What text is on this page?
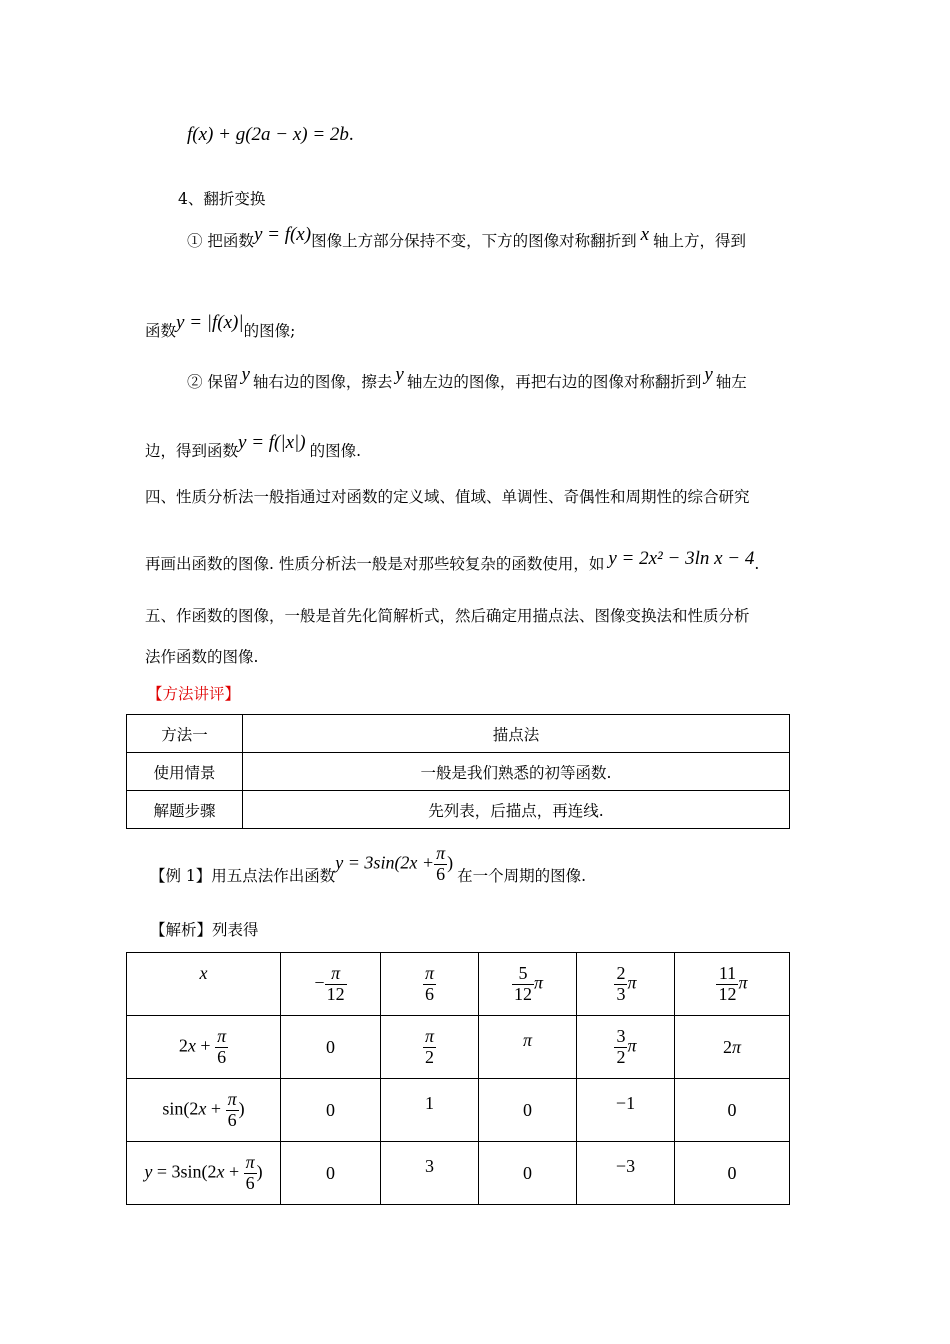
f(x) + g(2a − x) = 2b.
4、翻折变换
① 把函数y = f(x)图像上方部分保持不变，下方的图像对称翻折到 x 轴上方，得到
函数y = |f(x)|的图像;
② 保留 y 轴右边的图像，擦去 y 轴左边的图像，再把右边的图像对称翻折到 y 轴左
边，得到函数y = f(|x|) 的图像.
四、性质分析法一般指通过对函数的定义域、值域、单调性、奇偶性和周期性的综合研究
再画出函数的图像. 性质分析法一般是对那些较复杂的函数使用，如 y = 2x² − 3ln x − 4.
五、作函数的图像，一般是首先化简解析式，然后确定用描点法、图像变换法和性质分析
法作函数的图像.
【方法讲评】
方法一	描点法
使用情景	一般是我们熟悉的初等函数.
解题步骤	先列表，后描点，再连线.
【例 1】用五点法作出函数$y = 3\sin(2x + \frac{\pi}{6}$ )在一个周期的图像.
【解析】列表得
x	− $\frac{\pi}{12}$	$\frac{\pi}{6}$	$\frac{5}{12}$ π	$\frac{2}{3}$ π	$\frac{11}{12}$ π
$2x + \frac{\pi}{6}$	0	$\frac{\pi}{2}$	π	$\frac{3}{2}$ π	2π
$\sin(2x + \frac{\pi}{6}$ )	0	1	0	−1	0
$y = 3\sin(2x + \frac{\pi}{6}$ )	0	3	0	−3	0
